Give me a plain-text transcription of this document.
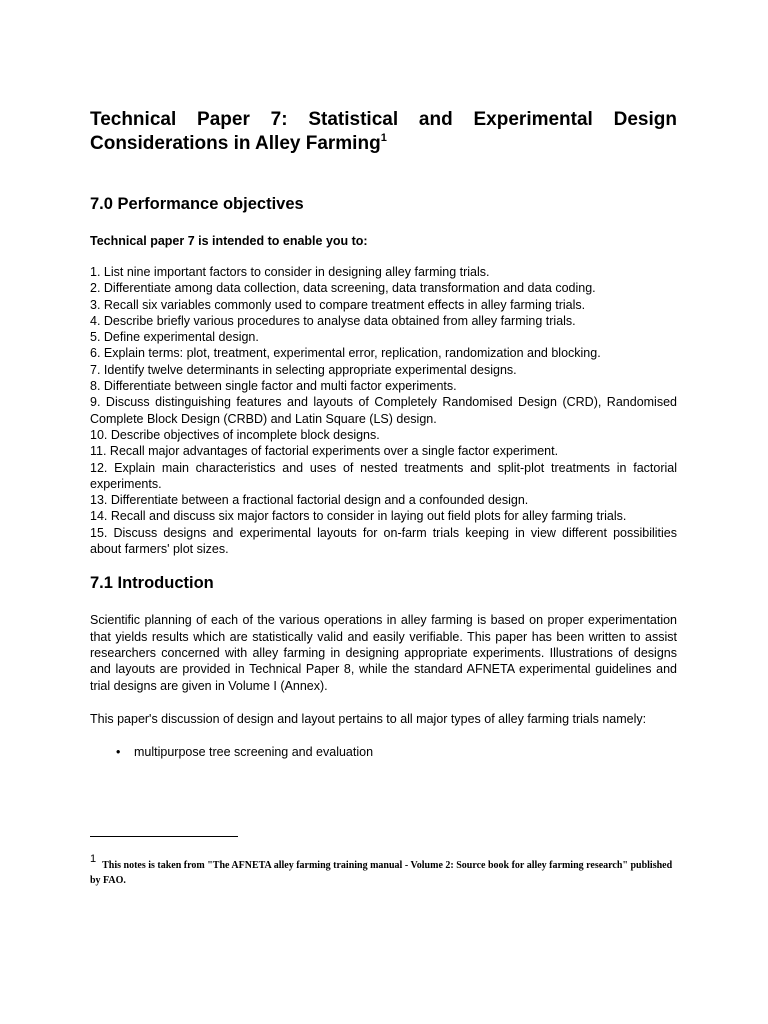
Technical Paper 7: Statistical and Experimental Design Considerations in Alley Farming$^1$
7.0 Performance objectives

Technical paper 7 is intended to enable you to:

1. List nine important factors to consider in designing alley farming trials.
2. Differentiate among data collection, data screening, data transformation and data coding.
3. Recall six variables commonly used to compare treatment effects in alley farming trials.
4. Describe briefly various procedures to analyse data obtained from alley farming trials.
5. Define experimental design.
6. Explain terms: plot, treatment, experimental error, replication, randomization and blocking.
7. Identify twelve determinants in selecting appropriate experimental designs.
8. Differentiate between single factor and multi factor experiments.
9. Discuss distinguishing features and layouts of Completely Randomised Design (CRD), Randomised Complete Block Design (CRBD) and Latin Square (LS) design.
10. Describe objectives of incomplete block designs.
11. Recall major advantages of factorial experiments over a single factor experiment.
12. Explain main characteristics and uses of nested treatments and split-plot treatments in factorial experiments.
13. Differentiate between a fractional factorial design and a confounded design.
14. Recall and discuss six major factors to consider in laying out field plots for alley farming trials.
15. Discuss designs and experimental layouts for on-farm trials keeping in view different possibilities about farmers' plot sizes.
7.1 Introduction

Scientific planning of each of the various operations in alley farming is based on proper experimentation that yields results which are statistically valid and easily verifiable. This paper has been written to assist researchers concerned with alley farming in designing appropriate experiments. Illustrations of designs and layouts are provided in Technical Paper 8, while the standard AFNETA experimental guidelines and trial designs are given in Volume I (Annex).

This paper's discussion of design and layout pertains to all major types of alley farming trials namely:

• multipurpose tree screening and evaluation
1This notes is taken from "The AFNETA alley farming training manual - Volume 2: Source book for alley farming research" published by FAO.
